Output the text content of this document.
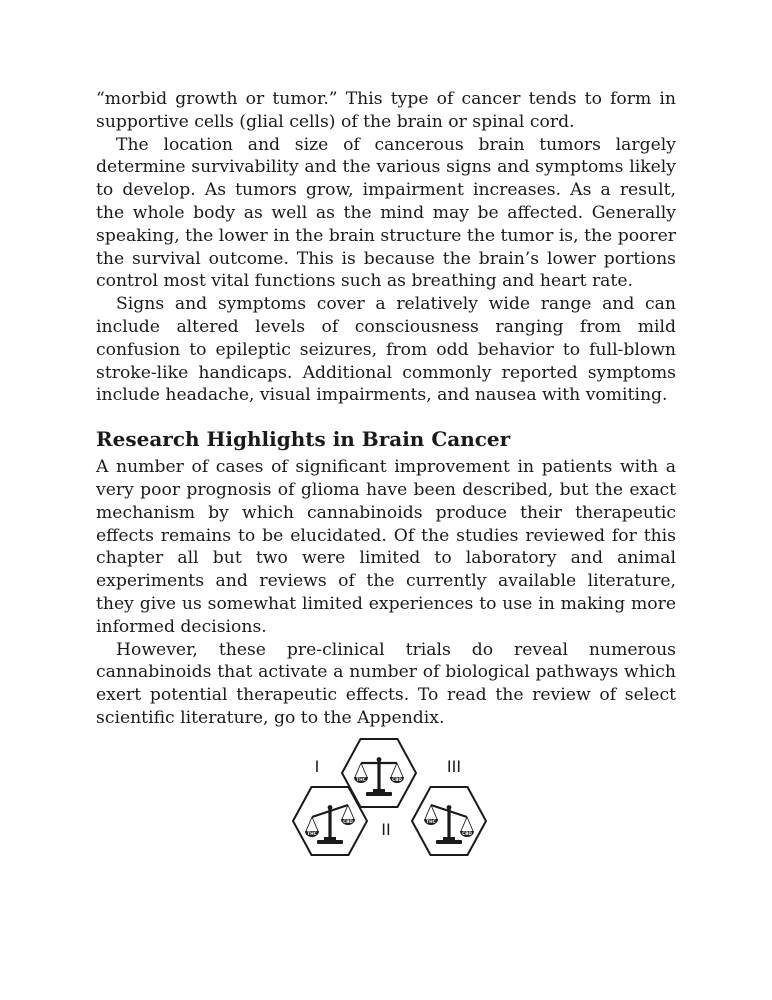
“morbid growth or tumor.” This type of cancer tends to form in supportive cells (glial cells) of the brain or spinal cord.

The location and size of cancerous brain tumors largely determine survivability and the various signs and symptoms likely to develop. As tumors grow, impairment increases. As a result, the whole body as well as the mind may be affected. Generally speaking, the lower in the brain structure the tumor is, the poorer the survival outcome. This is because the brain’s lower portions control most vital functions such as breathing and heart rate.

Signs and symptoms cover a relatively wide range and can include altered levels of consciousness ranging from mild confusion to epileptic seizures, from odd behavior to full-blown stroke-like handicaps. Additional commonly reported symptoms include headache, visual impairments, and nausea with vomiting.

Research Highlights in Brain Cancer

A number of cases of significant improvement in patients with a very poor prognosis of glioma have been described, but the exact mechanism by which cannabinoids produce their therapeutic effects remains to be elucidated. Of the studies reviewed for this chapter all but two were limited to laboratory and animal experiments and reviews of the currently available literature, they give us somewhat limited experiences to use in making more informed decisions.

However, these pre-clinical trials do reveal numerous cannabinoids that activate a number of biological pathways which exert potential therapeutic effects. To read the review of select scientific literature, go to the Appendix.

THC
CBD
THC	CBD
THC
CBD
I
II
III
